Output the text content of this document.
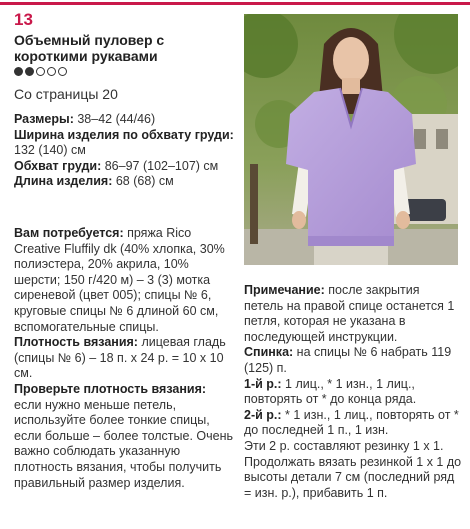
13
Объемный пуловер с короткими рукавами
Со страницы 20

Размеры: 38–42 (44/46)

Ширина изделия по обхвату груди: 132 (140) см

Обхват груди: 86–97 (102–107) см

Длина изделия: 68 (68) см

Вам потребуется: пряжа Rico Creative Fluffily dk (40% хлопка, 30% полиэстера, 20% акрила, 10% шерсти; 150 г/420 м) – 3 (3) мотка сиреневой (цвет 005); спицы № 6, круговые спицы № 6 длиной 60 см, вспомогательные спицы.

Плотность вязания: лицевая гладь (спицы № 6) – 18 п. х 24 р. = 10 х 10 см.

Проверьте плотность вязания: если нужно меньше петель, используйте более тонкие спицы, если больше – более толстые. Очень важно соблюдать указанную плотность вязания, чтобы получить правильный размер изделия.

Примечание: после закрытия петель на правой спице останется 1 петля, которая не указана в последующей инструкции.

Спинка: на спицы № 6 набрать 119 (125) п.

1-й р.: 1 лиц., * 1 изн., 1 лиц., повторять от * до конца ряда.

2-й р.: * 1 изн., 1 лиц., повторять от * до последней 1 п., 1 изн.

Эти 2 р. составляют резинку 1 х 1. Продолжать вязать резинкой 1 х 1 до высоты детали 7 см (последний ряд = изн. р.), прибавить 1 п.
